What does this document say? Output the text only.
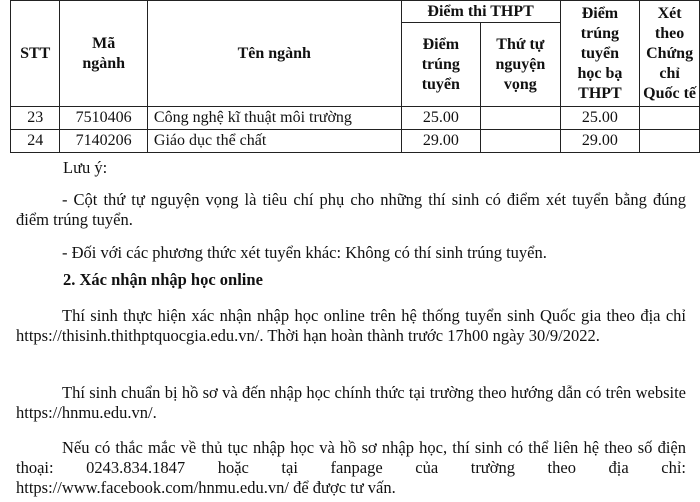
STT	Mã ngành	Tên ngành	Điểm thi THPT		Điểm trúng tuyển học bạ THPT	Xét theo Chứng chỉ Quốc tế
			Điểm trúng tuyển	Thứ tự nguyện vọng		
23	7510406	Công nghệ kĩ thuật môi trường	25.00		25.00	
24	7140206	Giáo dục thể chất	29.00		29.00	
Lưu ý:
- Cột thứ tự nguyện vọng là tiêu chí phụ cho những thí sinh có điểm xét tuyển bằng đúng điểm trúng tuyển.
- Đối với các phương thức xét tuyển khác: Không có thí sinh trúng tuyển.
2. Xác nhận nhập học online
Thí sinh thực hiện xác nhận nhập học online trên hệ thống tuyển sinh Quốc gia theo địa chỉ https://thisinh.thithptquocgia.edu.vn/. Thời hạn hoàn thành trước 17h00 ngày 30/9/2022.
Thí sinh chuẩn bị hồ sơ và đến nhập học chính thức tại trường theo hướng dẫn có trên website https://hnmu.edu.vn/.
Nếu có thắc mắc về thủ tục nhập học và hồ sơ nhập học, thí sinh có thể liên hệ theo số điện thoại: 0243.834.1847 hoặc tại fanpage của trường theo địa chỉ: https://www.facebook.com/hnmu.edu.vn/ để được tư vấn.
